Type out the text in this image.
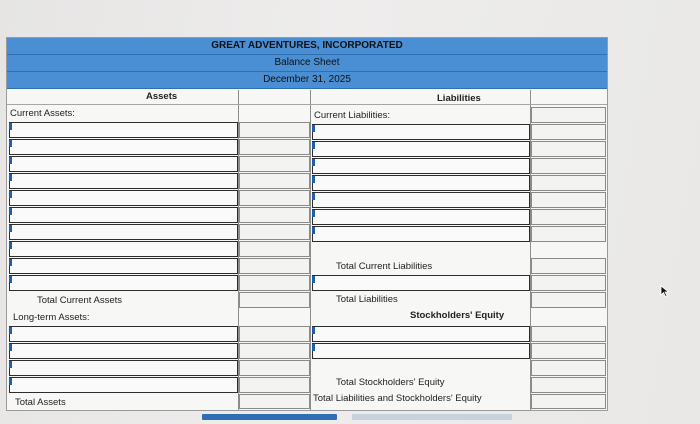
GREAT ADVENTURES, INCORPORATED
Balance Sheet
December 31, 2025
Assets	Liabilities
Current Assets:
Total Current Assets
Long-term Assets:
Total Assets
Current Liabilities:
Total Current Liabilities
Total Liabilities
Stockholders' Equity
Total Stockholders' Equity
Total Liabilities and Stockholders' Equity
